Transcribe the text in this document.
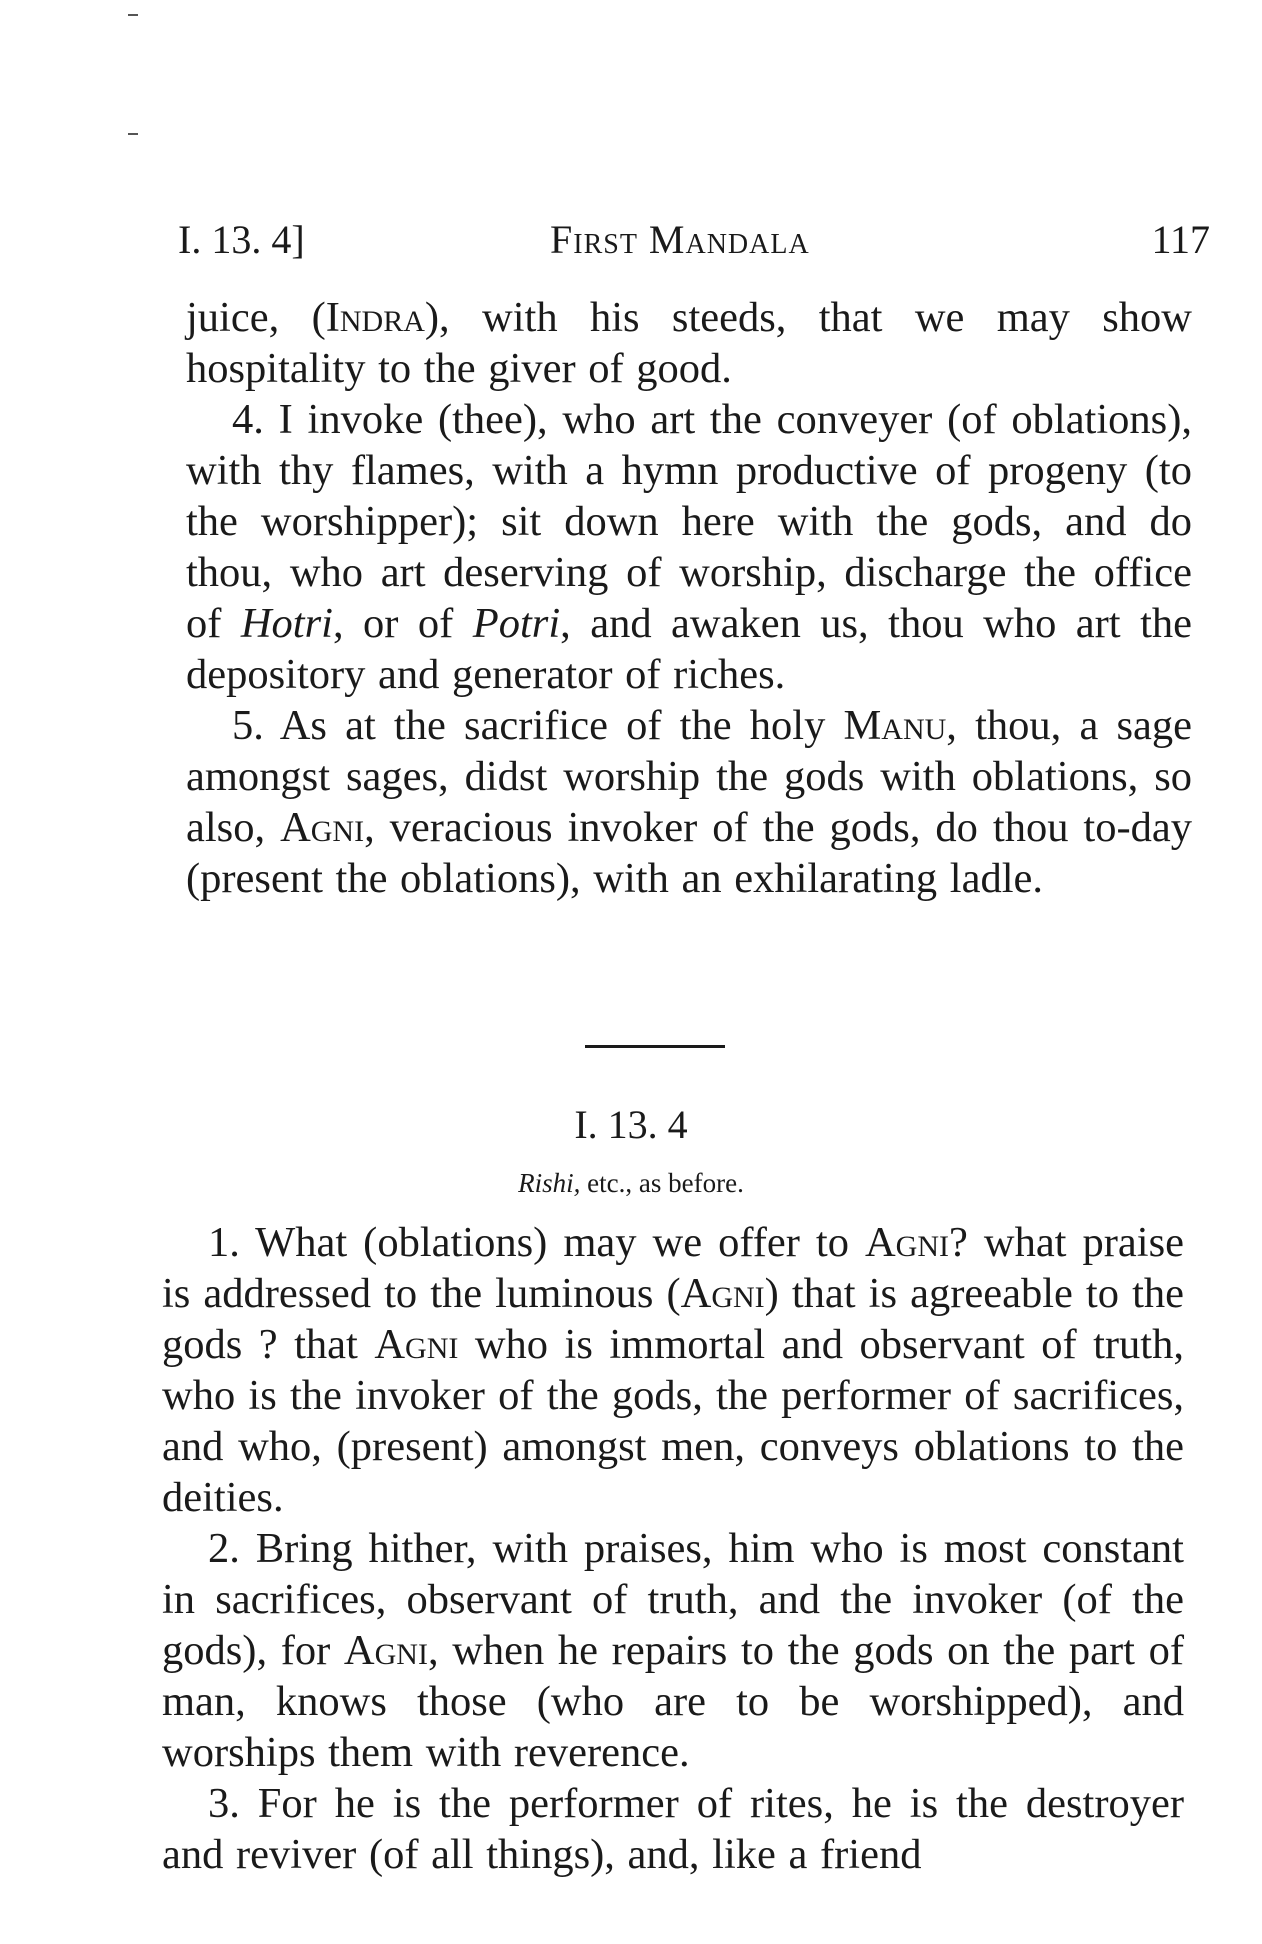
I. 13. 4]	First Mandala	117

juice, (Indra), with his steeds, that we may show hospitality to the giver of good.

4. I invoke (thee), who art the conveyer (of oblations), with thy flames, with a hymn productive of progeny (to the worshipper); sit down here with the gods, and do thou, who art deserving of worship, discharge the office of Hotri, or of Potri, and awaken us, thou who art the depository and generator of riches.

5. As at the sacrifice of the holy Manu, thou, a sage amongst sages, didst worship the gods with oblations, so also, Agni, veracious invoker of the gods, do thou to-day (present the oblations), with an exhilarating ladle.

I. 13. 4
Rishi, etc., as before.

1. What (oblations) may we offer to Agni? what praise is addressed to the luminous (Agni) that is agreeable to the gods ? that Agni who is immortal and observant of truth, who is the invoker of the gods, the performer of sacrifices, and who, (present) amongst men, conveys oblations to the deities.

2. Bring hither, with praises, him who is most constant in sacrifices, observant of truth, and the invoker (of the gods), for Agni, when he repairs to the gods on the part of man, knows those (who are to be worshipped), and worships them with reverence.

3. For he is the performer of rites, he is the destroyer and reviver (of all things), and, like a friend
